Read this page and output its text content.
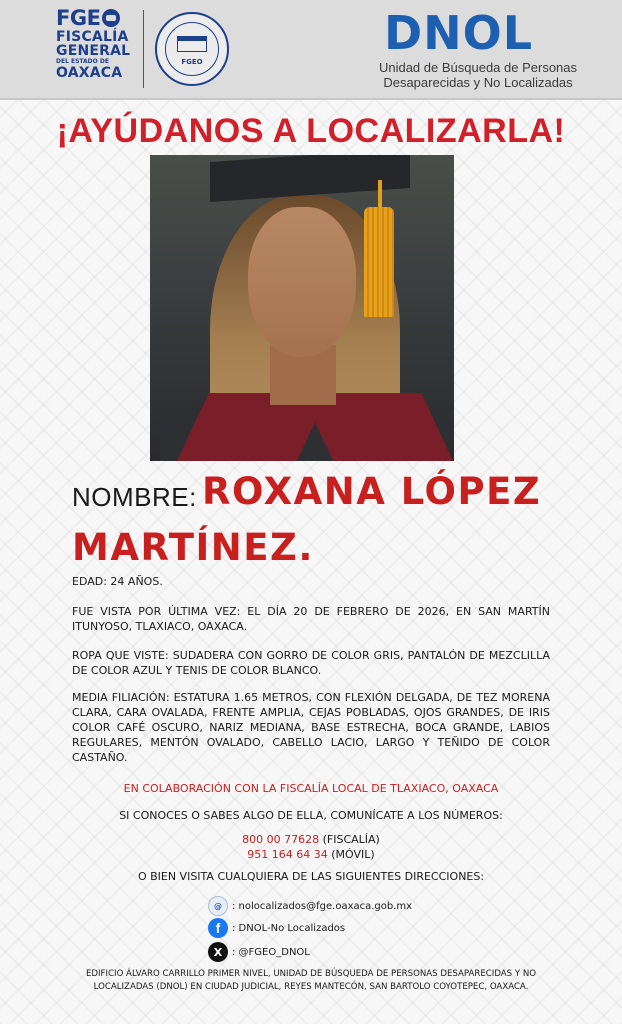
FGE
FISCALÍA
GENERAL
DEL ESTADO DE
OAXACA
FGEO
DNOL
Unidad de Búsqueda de Personas
Desaparecidas y No Localizadas
¡AYÚDANOS A LOCALIZARLA!
NOMBRE: ROXANA LÓPEZ MARTÍNEZ.
EDAD: 24 AÑOS.
FUE VISTA POR ÚLTIMA VEZ: EL DÍA 20 DE FEBRERO DE 2026, EN SAN MARTÍN ITUNYOSO, TLAXIACO, OAXACA.
ROPA QUE VISTE: SUDADERA CON GORRO DE COLOR GRIS, PANTALÓN DE MEZCLILLA DE COLOR AZUL Y TENIS DE COLOR BLANCO.
MEDIA FILIACIÓN: ESTATURA 1.65 METROS, CON FLEXIÓN DELGADA, DE TEZ MORENA CLARA, CARA OVALADA, FRENTE AMPLIA, CEJAS POBLADAS, OJOS GRANDES, DE IRIS COLOR CAFÉ OSCURO, NARIZ MEDIANA, BASE ESTRECHA, BOCA GRANDE, LABIOS REGULARES, MENTÓN OVALADO, CABELLO LACIO, LARGO Y TEÑIDO DE COLOR CASTAÑO.
EN COLABORACIÓN CON LA FISCALÍA LOCAL DE TLAXIACO, OAXACA
SI CONOCES O SABES ALGO DE ELLA, COMUNÍCATE A LOS NÚMEROS:
800 00 77628 (FISCALÍA)
951 164 64 34 (MÓVIL)
O BIEN VISITA CUALQUIERA DE LAS SIGUIENTES DIRECCIONES:
@	: nolocalizados@fge.oaxaca.gob.mx
f	: DNOL-No Localizados
X : @FGEO_DNOL
EDIFICIO ÁLVARO CARRILLO PRIMER NIVEL, UNIDAD DE BÚSQUEDA DE PERSONAS DESAPARECIDAS Y NO LOCALIZADAS (DNOL) EN CIUDAD JUDICIAL, REYES MANTECÓN, SAN BARTOLO COYOTEPEC, OAXACA.
